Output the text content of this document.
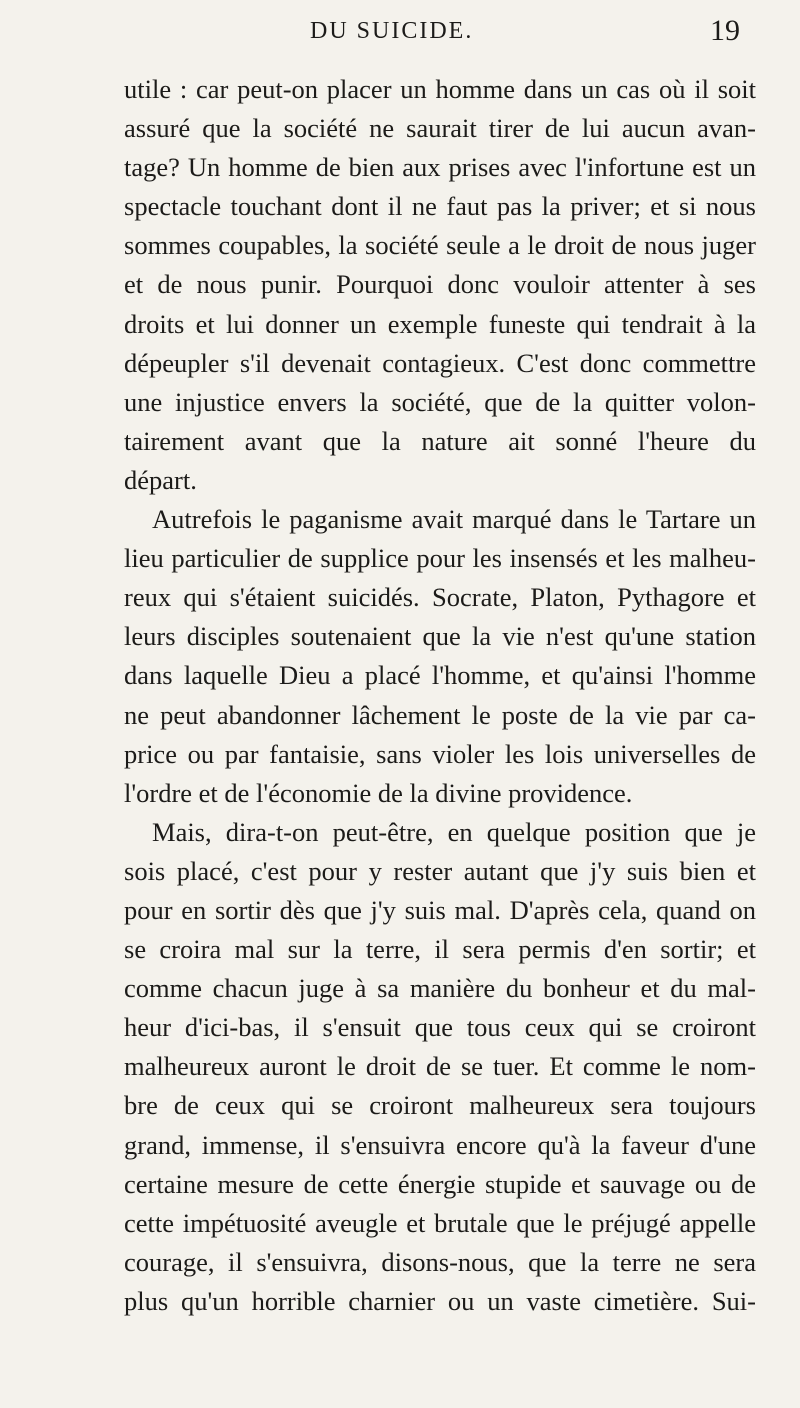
DU SUICIDE.	19
utile : car peut-on placer un homme dans un cas où il soit
assuré que la société ne saurait tirer de lui aucun avan-
tage? Un homme de bien aux prises avec l'infortune est un
spectacle touchant dont il ne faut pas la priver; et si nous
sommes coupables, la société seule a le droit de nous juger
et de nous punir. Pourquoi donc vouloir attenter à ses
droits et lui donner un exemple funeste qui tendrait à la
dépeupler s'il devenait contagieux. C'est donc commettre
une injustice envers la société, que de la quitter volon-
tairement avant que la nature ait sonné l'heure du
départ.
Autrefois le paganisme avait marqué dans le Tartare un
lieu particulier de supplice pour les insensés et les malheu-
reux qui s'étaient suicidés. Socrate, Platon, Pythagore et
leurs disciples soutenaient que la vie n'est qu'une station
dans laquelle Dieu a placé l'homme, et qu'ainsi l'homme
ne peut abandonner lâchement le poste de la vie par ca-
price ou par fantaisie, sans violer les lois universelles de
l'ordre et de l'économie de la divine providence.
Mais, dira-t-on peut-être, en quelque position que je
sois placé, c'est pour y rester autant que j'y suis bien et
pour en sortir dès que j'y suis mal. D'après cela, quand on
se croira mal sur la terre, il sera permis d'en sortir; et
comme chacun juge à sa manière du bonheur et du mal-
heur d'ici-bas, il s'ensuit que tous ceux qui se croiront
malheureux auront le droit de se tuer. Et comme le nom-
bre de ceux qui se croiront malheureux sera toujours
grand, immense, il s'ensuivra encore qu'à la faveur d'une
certaine mesure de cette énergie stupide et sauvage ou de
cette impétuosité aveugle et brutale que le préjugé appelle
courage, il s'ensuivra, disons-nous, que la terre ne sera
plus qu'un horrible charnier ou un vaste cimetière. Sui-
